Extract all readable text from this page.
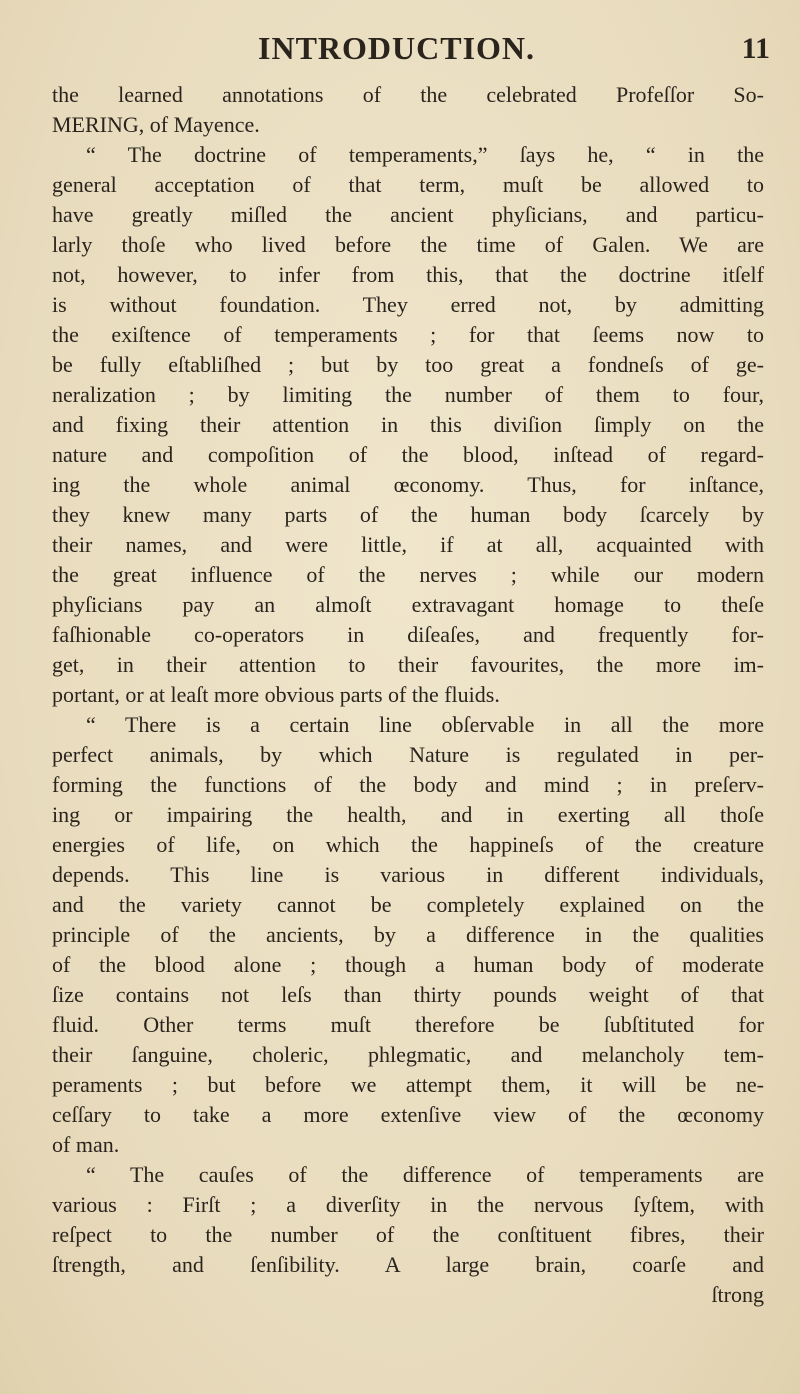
INTRODUCTION.	11
the learned annotations of the celebrated Profeſſor So-
MERING, of Mayence.
“ The doctrine of temperaments,” ſays he, “ in the
general acceptation of that term, muſt be allowed to
have greatly miſled the ancient phyſicians, and particu-
larly thoſe who lived before the time of Galen. We are
not, however, to infer from this, that the doctrine itſelf
is without foundation. They erred not, by admitting
the exiſtence of temperaments ; for that ſeems now to
be fully eſtabliſhed ; but by too great a fondneſs of ge-
neralization ; by limiting the number of them to four,
and fixing their attention in this diviſion ſimply on the
nature and compoſition of the blood, inſtead of regard-
ing the whole animal œconomy. Thus, for inſtance,
they knew many parts of the human body ſcarcely by
their names, and were little, if at all, acquainted with
the great influence of the nerves ; while our modern
phyſicians pay an almoſt extravagant homage to theſe
faſhionable co-operators in diſeaſes, and frequently for-
get, in their attention to their favourites, the more im-
portant, or at leaſt more obvious parts of the fluids.
“ There is a certain line obſervable in all the more
perfect animals, by which Nature is regulated in per-
forming the functions of the body and mind ; in preſerv-
ing or impairing the health, and in exerting all thoſe
energies of life, on which the happineſs of the creature
depends. This line is various in different individuals,
and the variety cannot be completely explained on the
principle of the ancients, by a difference in the qualities
of the blood alone ; though a human body of moderate
ſize contains not leſs than thirty pounds weight of that
fluid. Other terms muſt therefore be ſubſtituted for
their ſanguine, choleric, phlegmatic, and melancholy tem-
peraments ; but before we attempt them, it will be ne-
ceſſary to take a more extenſive view of the œconomy
of man.
“ The cauſes of the difference of temperaments are
various : Firſt ; a diverſity in the nervous ſyſtem, with
reſpect to the number of the conſtituent fibres, their
ſtrength, and ſenſibility. A large brain, coarſe and
ſtrong
